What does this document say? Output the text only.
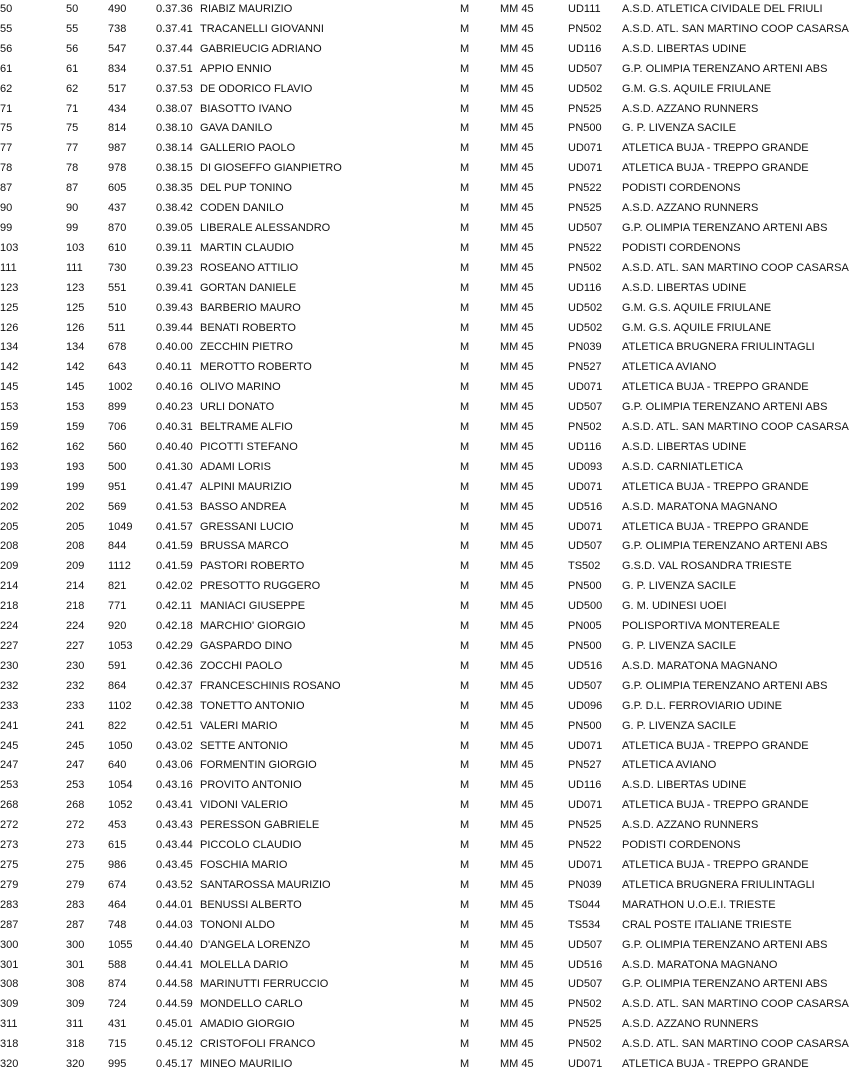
50	50	490	0.37.36	RIABIZ MAURIZIO	M	MM 45	UD111	A.S.D. ATLETICA CIVIDALE DEL FRIULI
55	55	738	0.37.41	TRACANELLI GIOVANNI	M	MM 45	PN502	A.S.D. ATL. SAN MARTINO COOP CASARSA
56	56	547	0.37.44	GABRIEUCIG ADRIANO	M	MM 45	UD116	A.S.D. LIBERTAS UDINE
61	61	834	0.37.51	APPIO ENNIO	M	MM 45	UD507	G.P. OLIMPIA TERENZANO ARTENI ABS
62	62	517	0.37.53	DE ODORICO FLAVIO	M	MM 45	UD502	G.M. G.S. AQUILE FRIULANE
71	71	434	0.38.07	BIASOTTO IVANO	M	MM 45	PN525	A.S.D. AZZANO RUNNERS
75	75	814	0.38.10	GAVA DANILO	M	MM 45	PN500	G. P. LIVENZA SACILE
77	77	987	0.38.14	GALLERIO PAOLO	M	MM 45	UD071	ATLETICA BUJA - TREPPO GRANDE
78	78	978	0.38.15	DI GIOSEFFO GIANPIETRO	M	MM 45	UD071	ATLETICA BUJA - TREPPO GRANDE
87	87	605	0.38.35	DEL PUP TONINO	M	MM 45	PN522	PODISTI CORDENONS
90	90	437	0.38.42	CODEN DANILO	M	MM 45	PN525	A.S.D. AZZANO RUNNERS
99	99	870	0.39.05	LIBERALE ALESSANDRO	M	MM 45	UD507	G.P. OLIMPIA TERENZANO ARTENI ABS
103	103	610	0.39.11	MARTIN CLAUDIO	M	MM 45	PN522	PODISTI CORDENONS
111	111	730	0.39.23	ROSEANO ATTILIO	M	MM 45	PN502	A.S.D. ATL. SAN MARTINO COOP CASARSA
123	123	551	0.39.41	GORTAN DANIELE	M	MM 45	UD116	A.S.D. LIBERTAS UDINE
125	125	510	0.39.43	BARBERIO MAURO	M	MM 45	UD502	G.M. G.S. AQUILE FRIULANE
126	126	511	0.39.44	BENATI ROBERTO	M	MM 45	UD502	G.M. G.S. AQUILE FRIULANE
134	134	678	0.40.00	ZECCHIN PIETRO	M	MM 45	PN039	ATLETICA BRUGNERA FRIULINTAGLI
142	142	643	0.40.11	MEROTTO ROBERTO	M	MM 45	PN527	ATLETICA AVIANO
145	145	1002	0.40.16	OLIVO MARINO	M	MM 45	UD071	ATLETICA BUJA - TREPPO GRANDE
153	153	899	0.40.23	URLI DONATO	M	MM 45	UD507	G.P. OLIMPIA TERENZANO ARTENI ABS
159	159	706	0.40.31	BELTRAME ALFIO	M	MM 45	PN502	A.S.D. ATL. SAN MARTINO COOP CASARSA
162	162	560	0.40.40	PICOTTI STEFANO	M	MM 45	UD116	A.S.D. LIBERTAS UDINE
193	193	500	0.41.30	ADAMI LORIS	M	MM 45	UD093	A.S.D. CARNIATLETICA
199	199	951	0.41.47	ALPINI MAURIZIO	M	MM 45	UD071	ATLETICA BUJA - TREPPO GRANDE
202	202	569	0.41.53	BASSO ANDREA	M	MM 45	UD516	A.S.D. MARATONA MAGNANO
205	205	1049	0.41.57	GRESSANI LUCIO	M	MM 45	UD071	ATLETICA BUJA - TREPPO GRANDE
208	208	844	0.41.59	BRUSSA MARCO	M	MM 45	UD507	G.P. OLIMPIA TERENZANO ARTENI ABS
209	209	1112	0.41.59	PASTORI ROBERTO	M	MM 45	TS502	G.S.D. VAL ROSANDRA TRIESTE
214	214	821	0.42.02	PRESOTTO RUGGERO	M	MM 45	PN500	G. P. LIVENZA SACILE
218	218	771	0.42.11	MANIACI GIUSEPPE	M	MM 45	UD500	G. M. UDINESI UOEI
224	224	920	0.42.18	MARCHIO' GIORGIO	M	MM 45	PN005	POLISPORTIVA MONTEREALE
227	227	1053	0.42.29	GASPARDO DINO	M	MM 45	PN500	G. P. LIVENZA SACILE
230	230	591	0.42.36	ZOCCHI PAOLO	M	MM 45	UD516	A.S.D. MARATONA MAGNANO
232	232	864	0.42.37	FRANCESCHINIS ROSANO	M	MM 45	UD507	G.P. OLIMPIA TERENZANO ARTENI ABS
233	233	1102	0.42.38	TONETTO ANTONIO	M	MM 45	UD096	G.P. D.L. FERROVIARIO UDINE
241	241	822	0.42.51	VALERI MARIO	M	MM 45	PN500	G. P. LIVENZA SACILE
245	245	1050	0.43.02	SETTE ANTONIO	M	MM 45	UD071	ATLETICA BUJA - TREPPO GRANDE
247	247	640	0.43.06	FORMENTIN GIORGIO	M	MM 45	PN527	ATLETICA AVIANO
253	253	1054	0.43.16	PROVITO ANTONIO	M	MM 45	UD116	A.S.D. LIBERTAS UDINE
268	268	1052	0.43.41	VIDONI VALERIO	M	MM 45	UD071	ATLETICA BUJA - TREPPO GRANDE
272	272	453	0.43.43	PERESSON GABRIELE	M	MM 45	PN525	A.S.D. AZZANO RUNNERS
273	273	615	0.43.44	PICCOLO CLAUDIO	M	MM 45	PN522	PODISTI CORDENONS
275	275	986	0.43.45	FOSCHIA MARIO	M	MM 45	UD071	ATLETICA BUJA - TREPPO GRANDE
279	279	674	0.43.52	SANTAROSSA MAURIZIO	M	MM 45	PN039	ATLETICA BRUGNERA FRIULINTAGLI
283	283	464	0.44.01	BENUSSI ALBERTO	M	MM 45	TS044	MARATHON U.O.E.I. TRIESTE
287	287	748	0.44.03	TONONI ALDO	M	MM 45	TS534	CRAL POSTE ITALIANE TRIESTE
300	300	1055	0.44.40	D'ANGELA LORENZO	M	MM 45	UD507	G.P. OLIMPIA TERENZANO ARTENI ABS
301	301	588	0.44.41	MOLELLA DARIO	M	MM 45	UD516	A.S.D. MARATONA MAGNANO
308	308	874	0.44.58	MARINUTTI FERRUCCIO	M	MM 45	UD507	G.P. OLIMPIA TERENZANO ARTENI ABS
309	309	724	0.44.59	MONDELLO CARLO	M	MM 45	PN502	A.S.D. ATL. SAN MARTINO COOP CASARSA
311	311	431	0.45.01	AMADIO GIORGIO	M	MM 45	PN525	A.S.D. AZZANO RUNNERS
318	318	715	0.45.12	CRISTOFOLI FRANCO	M	MM 45	PN502	A.S.D. ATL. SAN MARTINO COOP CASARSA
320	320	995	0.45.17	MINEO MAURILIO	M	MM 45	UD071	ATLETICA BUJA - TREPPO GRANDE
